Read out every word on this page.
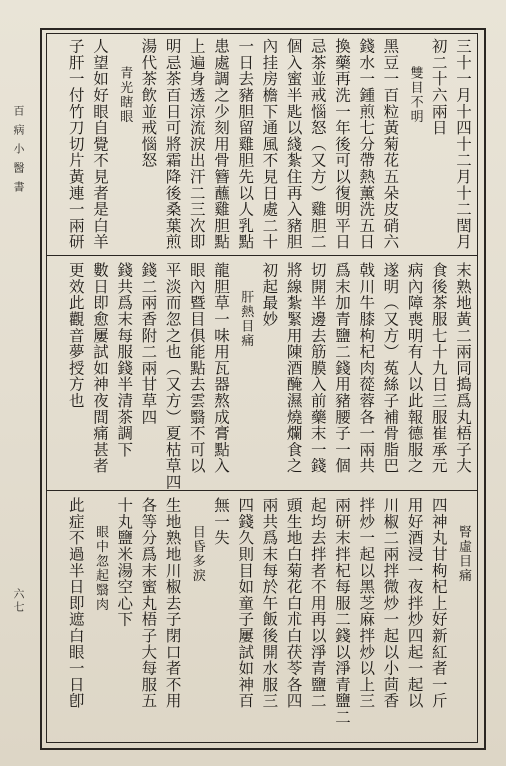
百病小醫書
六七
三十一月十四十二月十二閏月
初二十六兩日
雙目不明
黑豆一百粒黃菊花五朵皮硝六
錢水一鍾煎七分帶熱薰洗五日
換藥再洗一年後可以復明平日
忌茶並戒惱怒（又方）雞胆二
個入蜜半匙以綫紮住再入豬胆
內挂房檐下通風不見日處二十
一日去豬胆留雞胆先以人乳點
患處調之少刻用骨簪蘸雞胆點
上遍身透涼流淚出汗二三次即
明忌茶百日可將霜降後桑葉煎
湯代茶飲並戒惱怒
青光瞎眼
人望如好眼自覺不見者是白羊
子肝一付竹刀切片黃連一兩研
末熟地黃二兩同搗爲丸梧子大
食後茶服七十九日三服崔承元
病內障喪明有人以此報德服之
遂明（又方）菟絲子補骨脂巴
戟川牛膝枸杞肉蓯蓉各一兩共
爲末加青鹽二錢用豬腰子一個
切開半邊去筋膜入前藥末一錢
將線紮緊用陳酒醃濕燒爛食之
初起最妙
肝熱目痛
龍胆草一味用瓦器熬成膏點入
眼內暨目俱能點去雲翳不可以
平淡而忽之也（又方）夏枯草四
錢二兩香附二兩甘草四
錢共爲末每服錢半清茶調下
數日即愈屢試如神夜間痛甚者
更效此觀音夢授方也
腎虛目痛
四神丸甘枸杞上好新紅者一斤
用好酒浸一夜拌炒四起一起以
川椒二兩拌微炒一起以小茴香
拌炒一起以黑芝麻拌炒以上三
兩研末拌杞每服二錢以淨青鹽二
起均去拌者不用再以淨青鹽二
頭生地白菊花白朮白茯苓各四
兩共爲末每於午飯後開水服三
四錢久則目如童子屢試如神百
無一失
目昏多淚
生地熟地川椒去子閉口者不用
各等分爲末蜜丸梧子大每服五
十丸鹽米湯空心下
眼中忽起翳肉
此症不過半日即遮白眼一日卽
